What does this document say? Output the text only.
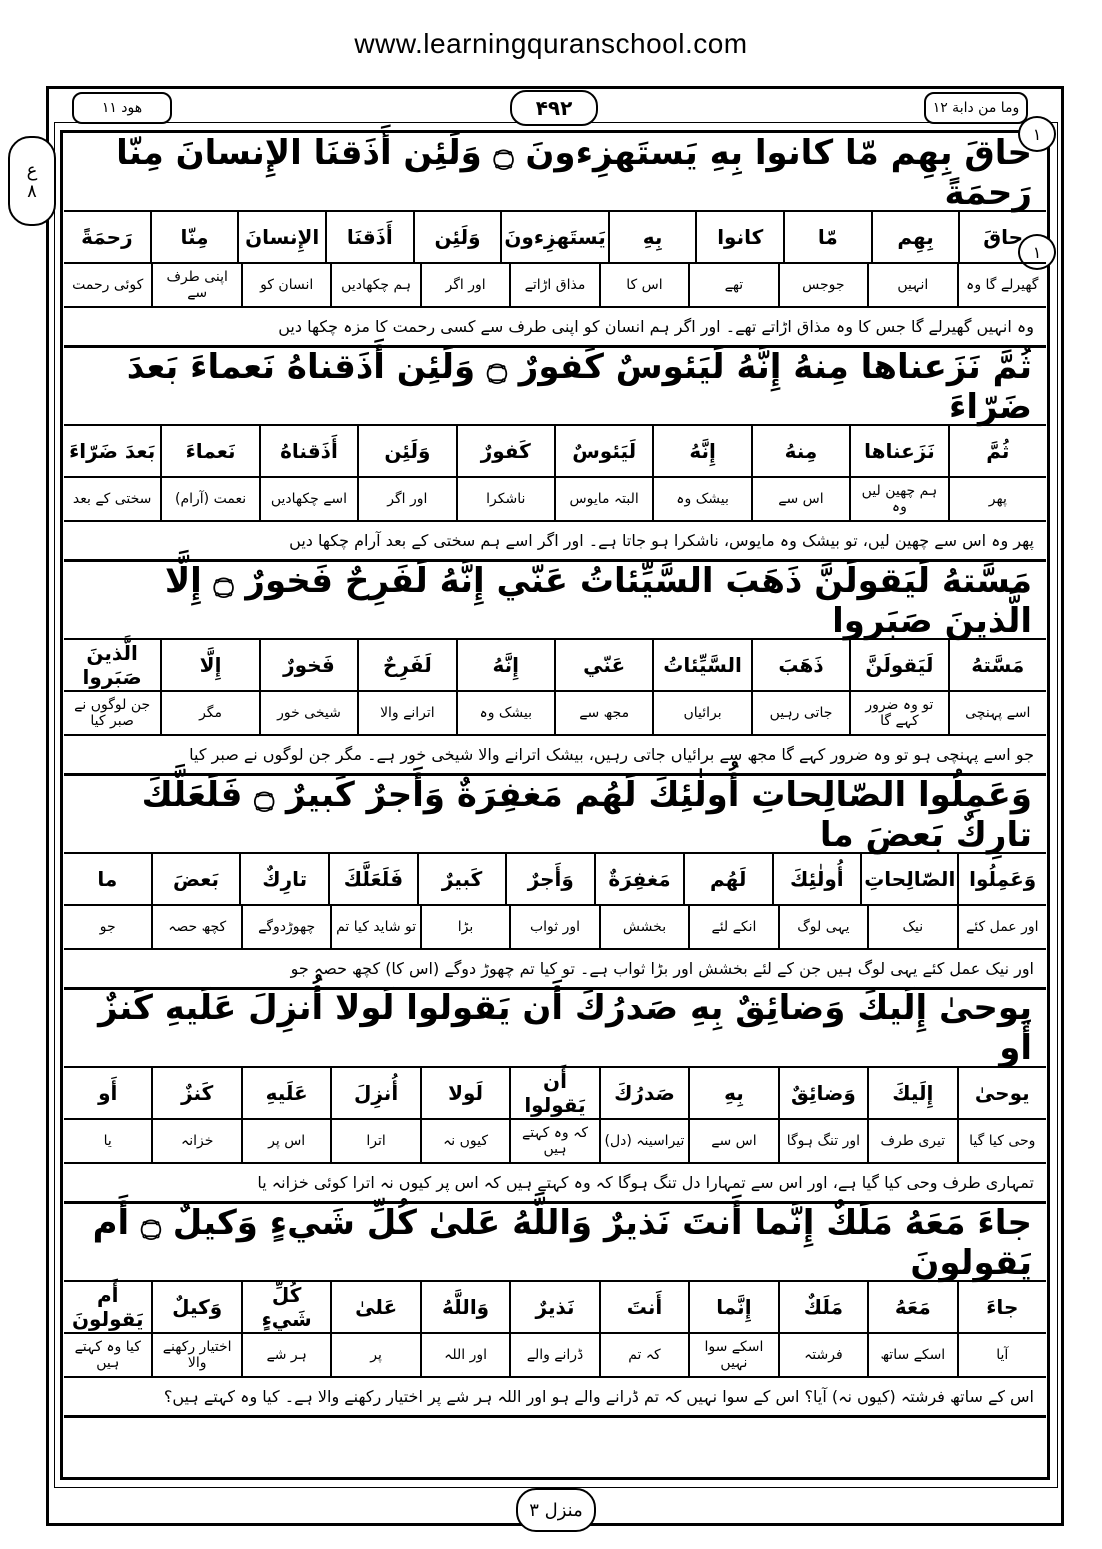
www.learningquranschool.com
هود ۱۱	۴۹۲	وما من دابة ۱۲
۱
۱
ع
۸
حاقَ بِهِم مّا كانوا بِهِ يَستَهزِءونَ ۝ وَلَئِن أَذَقنَا الإِنسانَ مِنّا رَحمَةً
حاقَ
بِهِم
مّا
كانوا
بِهِ
يَستَهزِءونَ
وَلَئِن
أَذَقنَا
الإِنسانَ
مِنّا
رَحمَةً
گھیرلے گا وہ
انہیں
جوجس
تھے
اس کا
مذاق اڑاتے
اور اگر
ہم چکھادیں
انسان کو
اپنی طرف سے
کوئی رحمت
وہ انہیں گھیرلے گا جس کا وہ مذاق اڑاتے تھے۔ اور اگر ہم انسان کو اپنی طرف سے کسی رحمت کا مزہ چکھا دیں
ثُمَّ نَزَعناها مِنهُ إِنَّهُ لَيَئوسٌ كَفورٌ ۝ وَلَئِن أَذَقناهُ نَعماءَ بَعدَ ضَرّاءَ
ثُمَّ
نَزَعناها
مِنهُ
إِنَّهُ
لَيَئوسٌ
كَفورٌ
وَلَئِن
أَذَقناهُ
نَعماءَ
بَعدَ ضَرّاءَ
پھر
ہم چھین لیں وہ
اس سے
بیشک وہ
البتہ مایوس
ناشکرا
اور اگر
اسے چکھادیں
نعمت (آرام)
سختی کے بعد
پھر وہ اس سے چھین لیں، تو بیشک وہ مایوس، ناشکرا ہو جاتا ہے۔ اور اگر اسے ہم سختی کے بعد آرام چکھا دیں
مَسَّتهُ لَيَقولَنَّ ذَهَبَ السَّيِّئاتُ عَنّي إِنَّهُ لَفَرِحٌ فَخورٌ ۝ إِلَّا الَّذينَ صَبَروا
مَسَّتهُ
لَيَقولَنَّ
ذَهَبَ
السَّيِّئاتُ
عَنّي
إِنَّهُ
لَفَرِحٌ
فَخورٌ
إِلَّا
الَّذينَ صَبَروا
اسے پہنچی
تو وہ ضرور کہے گا
جاتی رہیں
برائیاں
مجھ سے
بیشک وہ
اترانے والا
شیخی خور
مگر
جن لوگوں نے صبر کیا
جو اسے پہنچی ہو تو وہ ضرور کہے گا مجھ سے برائیاں جاتی رہیں، بیشک اترانے والا شیخی خور ہے۔ مگر جن لوگوں نے صبر کیا
وَعَمِلُوا الصّالِحاتِ أُولٰئِكَ لَهُم مَغفِرَةٌ وَأَجرٌ كَبيرٌ ۝ فَلَعَلَّكَ تارِكٌ بَعضَ ما
وَعَمِلُوا
الصّالِحاتِ
أُولٰئِكَ
لَهُم
مَغفِرَةٌ
وَأَجرٌ
كَبيرٌ
فَلَعَلَّكَ
تارِكٌ
بَعضَ
ما
اور عمل کئے
نیک
یہی لوگ
انکے لئے
بخشش
اور ثواب
بڑا
تو شاید کیا تم
چھوڑدوگے
کچھ حصہ
جو
اور نیک عمل کئے یہی لوگ ہیں جن کے لئے بخشش اور بڑا ثواب ہے۔ تو کیا تم چھوڑ دوگے (اس کا) کچھ حصہ جو
يوحىٰ إِلَيكَ وَضائِقٌ بِهِ صَدرُكَ أَن يَقولوا لَولا أُنزِلَ عَلَيهِ كَنزٌ أَو
يوحىٰ
إِلَيكَ
وَضائِقٌ
بِهِ
صَدرُكَ
أَن يَقولوا
لَولا
أُنزِلَ
عَلَيهِ
كَنزٌ
أَو
وحی کیا گیا
تیری طرف
اور تنگ ہوگا
اس سے
تیراسینہ (دل)
کہ وہ کہتے ہیں
کیوں نہ
اترا
اس پر
خزانہ
یا
تمہاری طرف وحی کیا گیا ہے، اور اس سے تمہارا دل تنگ ہوگا کہ وہ کہتے ہیں کہ اس پر کیوں نہ اترا کوئی خزانہ یا
جاءَ مَعَهُ مَلَكٌ إِنَّما أَنتَ نَذيرٌ وَاللَّهُ عَلىٰ كُلِّ شَيءٍ وَكيلٌ ۝ أَم يَقولونَ
جاءَ
مَعَهُ
مَلَكٌ
إِنَّما
أَنتَ
نَذيرٌ
وَاللَّهُ
عَلىٰ
كُلِّ شَيءٍ
وَكيلٌ
أَم يَقولونَ
آیا
اسکے ساتھ
فرشتہ
اسکے سوا نہیں
کہ تم
ڈرانے والے
اور اللہ
پر
ہر شے
اختیار رکھنے والا
کیا وہ کہتے ہیں
اس کے ساتھ فرشتہ (کیوں نہ) آیا؟ اس کے سوا نہیں کہ تم ڈرانے والے ہو اور اللہ ہر شے پر اختیار رکھنے والا ہے۔ کیا وہ کہتے ہیں؟
منزل ۳
